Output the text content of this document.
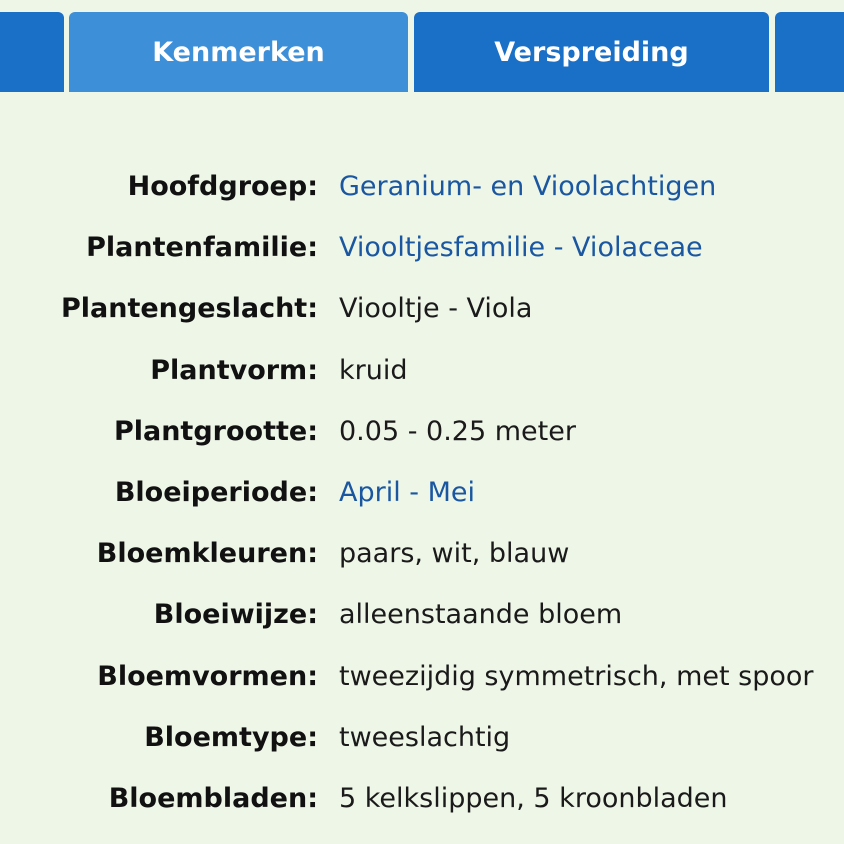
Kenmerken	Verspreiding
Hoofdgroep: Geranium- en Vioolachtigen
Plantenfamilie: Viooltjesfamilie - Violaceae
Plantengeslacht: Viooltje - Viola
Plantvorm: kruid
Plantgrootte: 0.05 - 0.25 meter
Bloeiperiode: April - Mei
Bloemkleuren: paars, wit, blauw
Bloeiwijze: alleenstaande bloem
Bloemvormen: tweezijdig symmetrisch, met spoor
Bloemtype: tweeslachtig
Bloembladen: 5 kelkslippen, 5 kroonbladen
